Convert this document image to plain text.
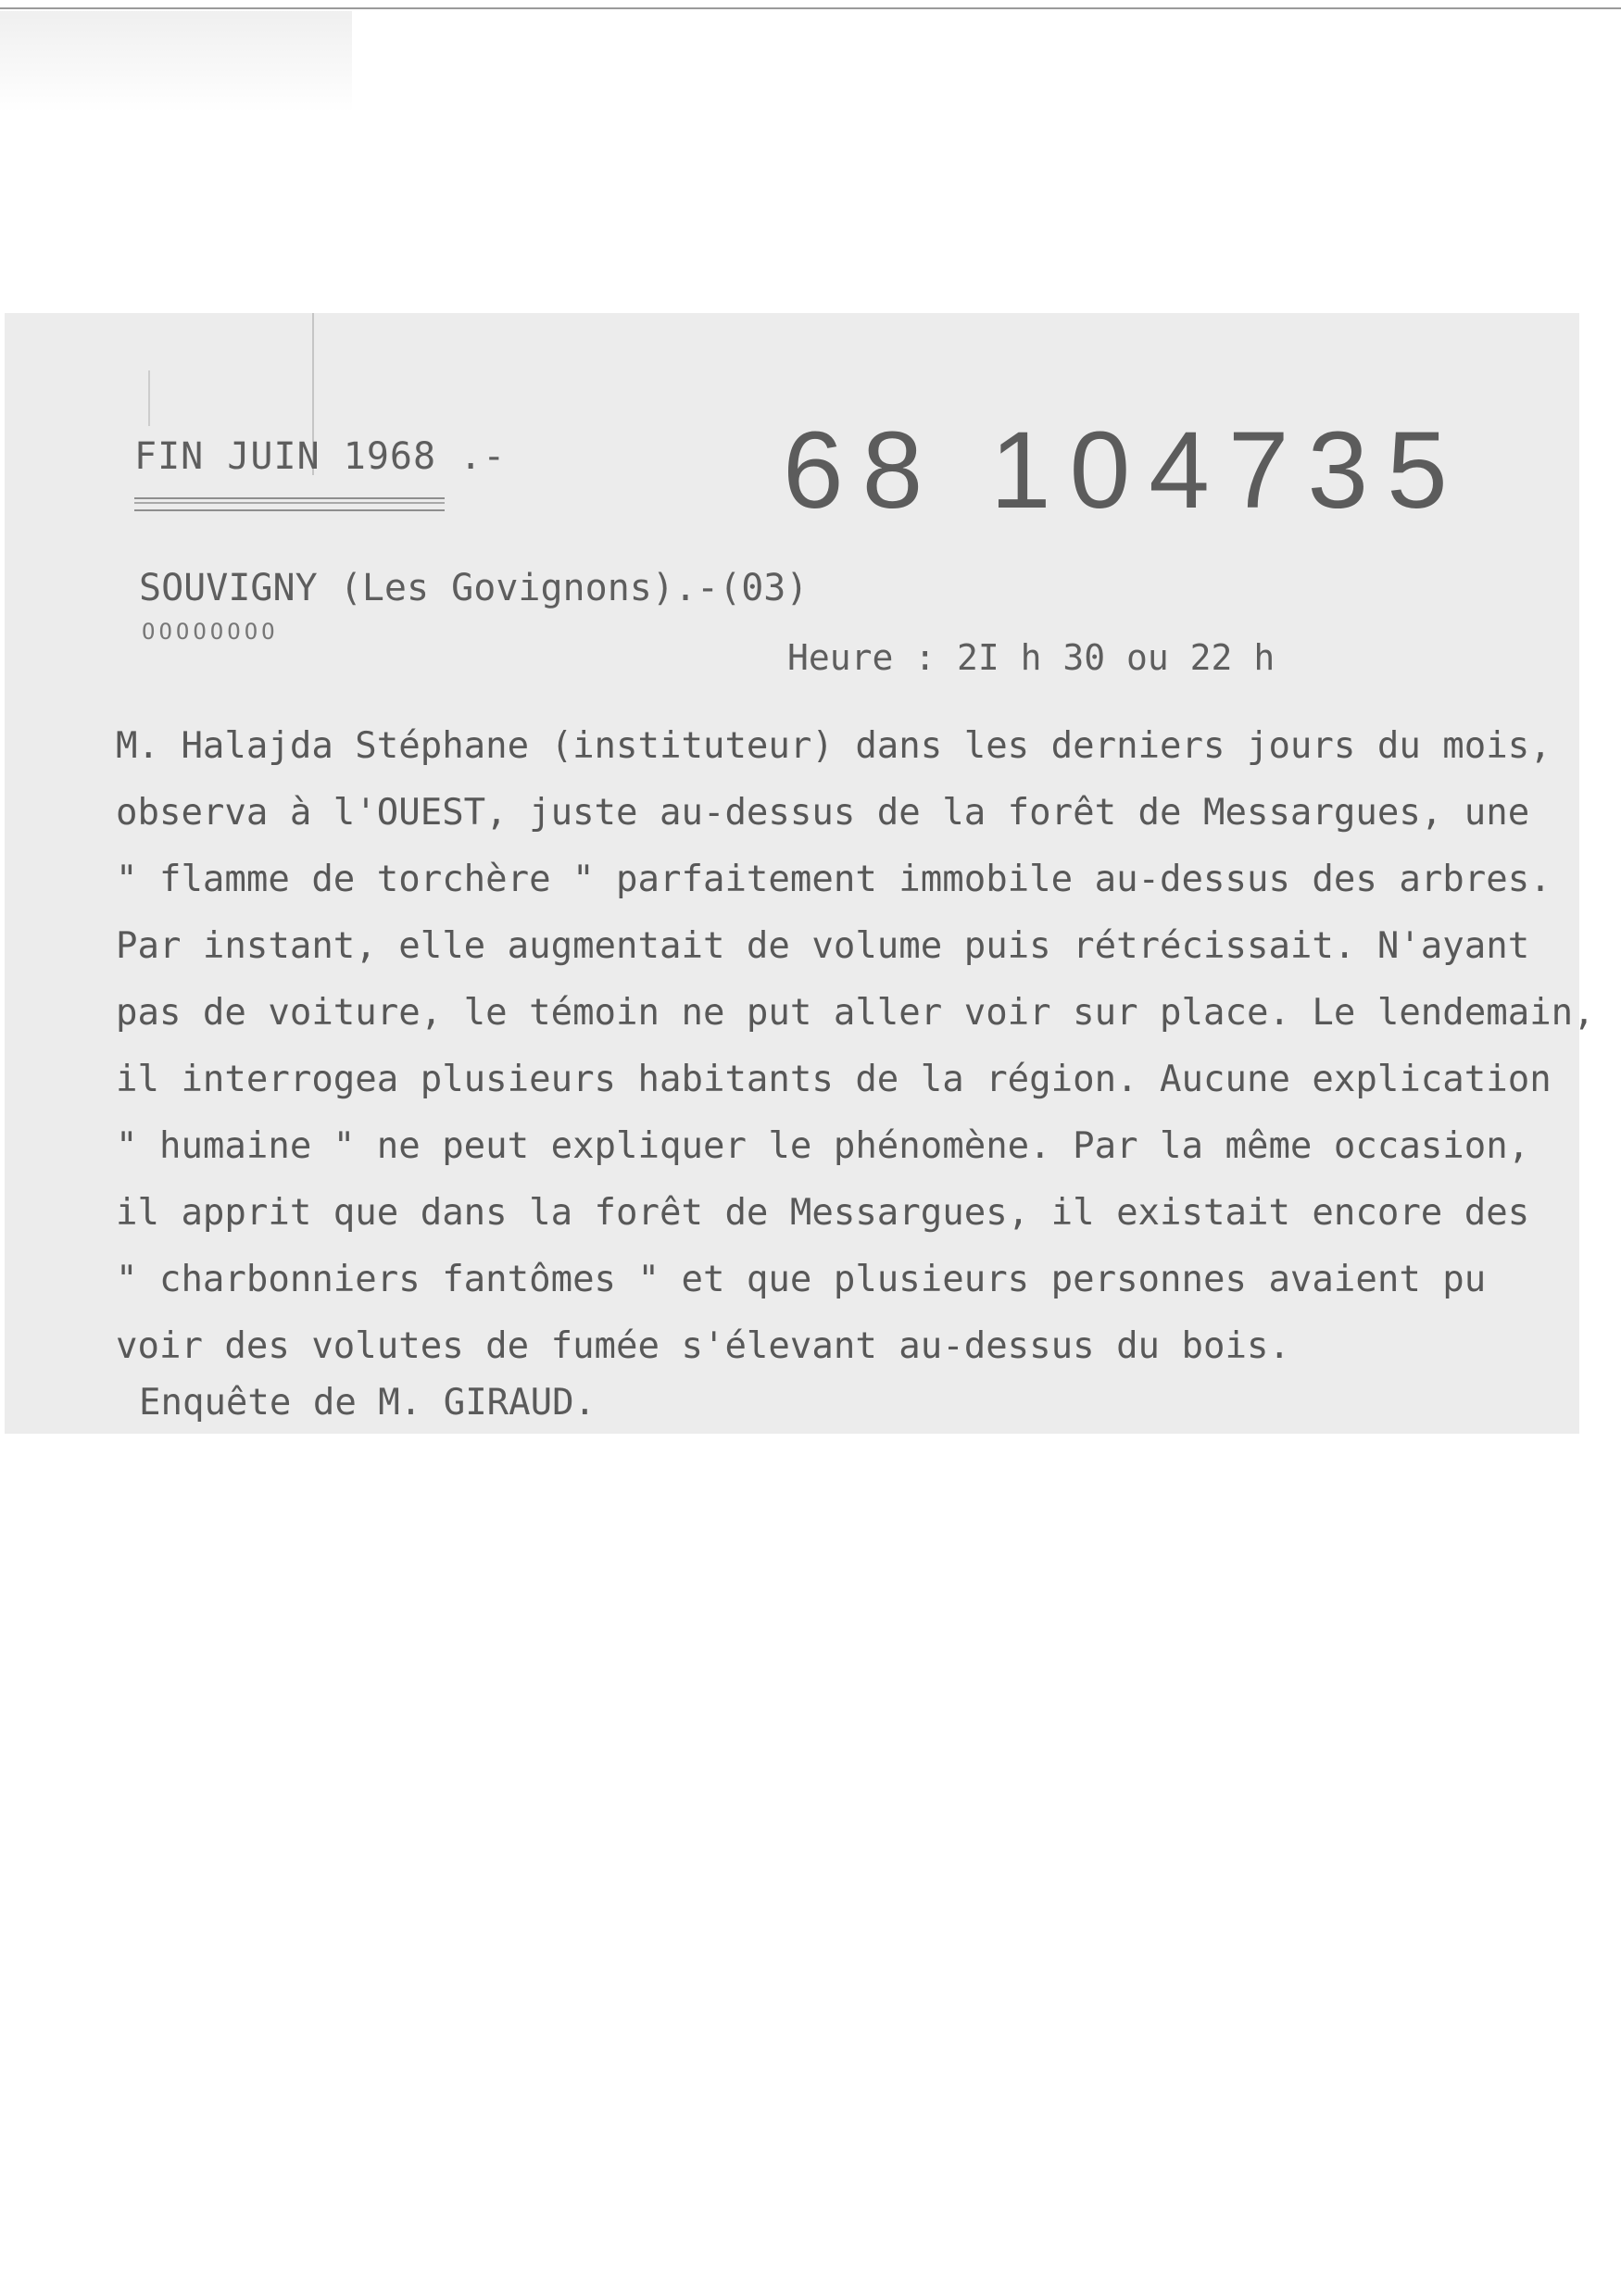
FIN JUIN 1968 .-	68 104735
SOUVIGNY (Les Govignons).-(03)
OOOOOOOO
Heure : 2I h 30 ou 22 h
M. Halajda Stéphane (instituteur) dans les derniers jours du mois,
observa à l'OUEST, juste au-dessus de la forêt de Messargues, une
" flamme de torchère " parfaitement immobile au-dessus des arbres.
Par instant, elle augmentait de volume puis rétrécissait. N'ayant
pas de voiture, le témoin ne put aller voir sur place. Le lendemain,
il interrogea plusieurs habitants de la région. Aucune explication
" humaine " ne peut expliquer le phénomène. Par la même occasion,
il apprit que dans la forêt de Messargues, il existait encore des
" charbonniers fantômes " et que plusieurs personnes avaient pu
voir des volutes de fumée s'élevant au-dessus du bois.
Enquête de M. GIRAUD.
